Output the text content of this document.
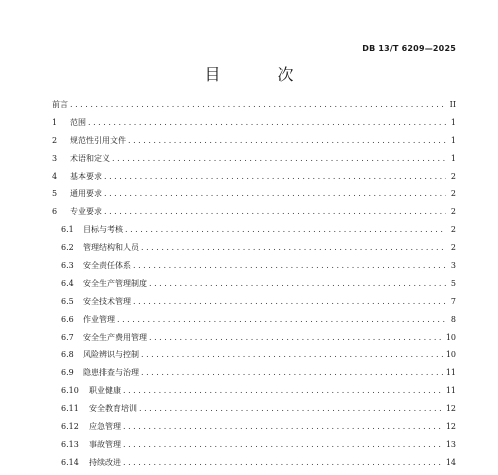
DB 13/T 6209—2025
目 次
前言 . . .	II
1	范围 . . .	1
2	规范性引用文件 . . .	1
3	术语和定义 . . .	1
4	基本要求 . . .	2
5	通用要求 . . .	2
6	专业要求 . . .	2
6.1	目标与考核 . . .	2
6.2	管理结构和人员 . . .	2
6.3	安全责任体系 . . .	3
6.4	安全生产管理制度 . . .	5
6.5	安全技术管理 . . .	7
6.6	作业管理 . . .	8
6.7	安全生产费用管理 . . .	10
6.8	风险辨识与控制 . . .	10
6.9	隐患排查与治理 . . .	11
6.10	职业健康 . . .	11
6.11	安全教育培训 . . .	12
6.12	应急管理 . . .	12
6.13	事故管理 . . .	13
6.14	持续改进 . . .	14
